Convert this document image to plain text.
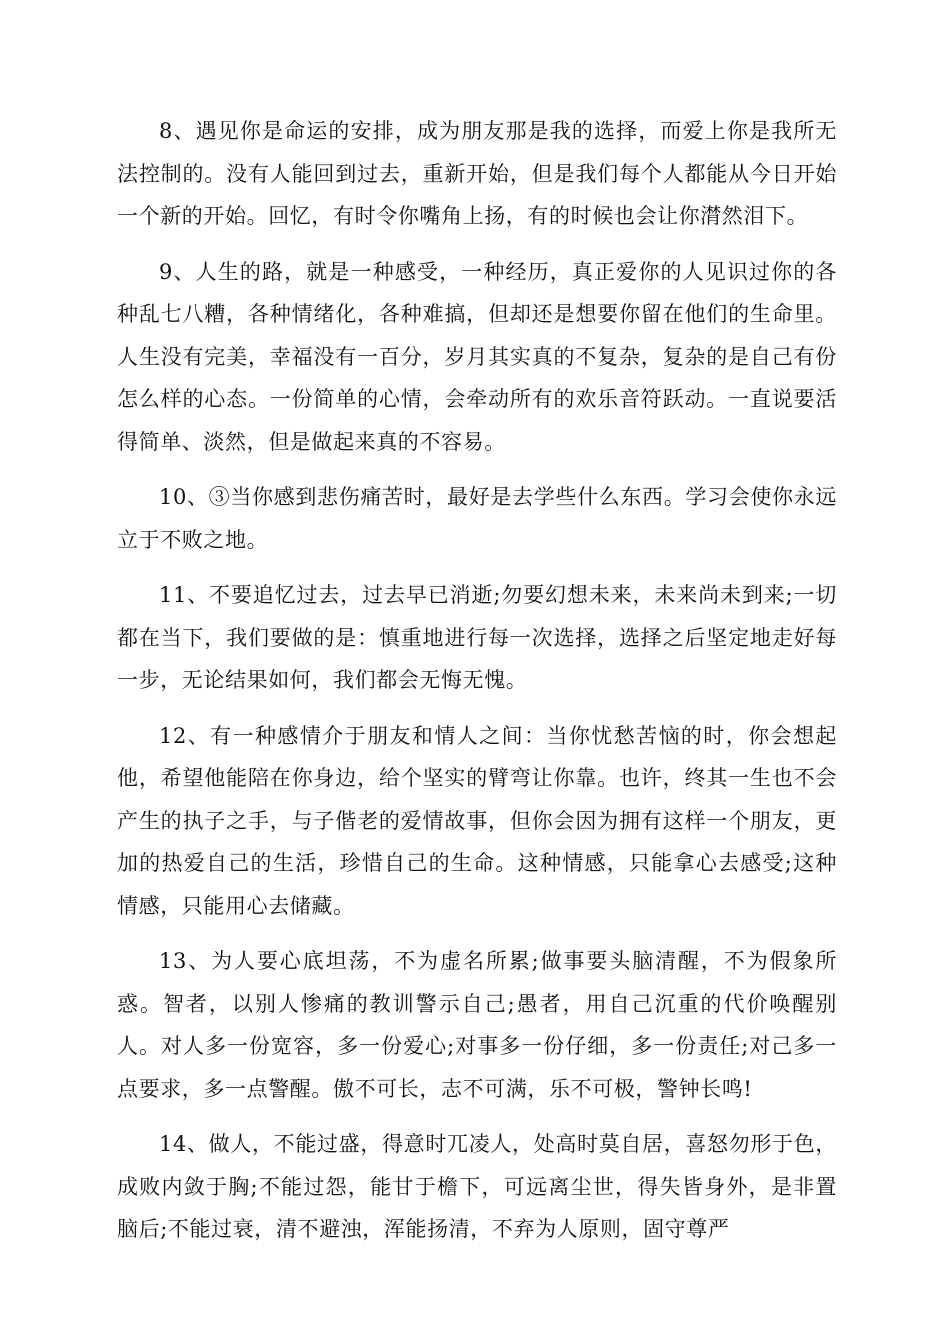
8、遇见你是命运的安排，成为朋友那是我的选择，而爱上你是我所无法控制的。没有人能回到过去，重新开始，但是我们每个人都能从今日开始一个新的开始。回忆，有时令你嘴角上扬，有的时候也会让你潸然泪下。

9、人生的路，就是一种感受，一种经历，真正爱你的人见识过你的各种乱七八糟，各种情绪化，各种难搞，但却还是想要你留在他们的生命里。人生没有完美，幸福没有一百分，岁月其实真的不复杂，复杂的是自己有份怎么样的心态。一份简单的心情，会牵动所有的欢乐音符跃动。一直说要活得简单、淡然，但是做起来真的不容易。

10、③当你感到悲伤痛苦时，最好是去学些什么东西。学习会使你永远立于不败之地。

11、不要追忆过去，过去早已消逝;勿要幻想未来，未来尚未到来;一切都在当下，我们要做的是：慎重地进行每一次选择，选择之后坚定地走好每一步，无论结果如何，我们都会无悔无愧。

12、有一种感情介于朋友和情人之间：当你忧愁苦恼的时，你会想起他，希望他能陪在你身边，给个坚实的臂弯让你靠。也许，终其一生也不会产生的执子之手，与子偕老的爱情故事，但你会因为拥有这样一个朋友，更加的热爱自己的生活，珍惜自己的生命。这种情感，只能拿心去感受;这种情感，只能用心去储藏。

13、为人要心底坦荡，不为虚名所累;做事要头脑清醒，不为假象所惑。智者，以别人惨痛的教训警示自己;愚者，用自己沉重的代价唤醒别人。对人多一份宽容，多一份爱心;对事多一份仔细，多一份责任;对己多一点要求，多一点警醒。傲不可长，志不可满，乐不可极，警钟长鸣!

14、做人，不能过盛，得意时兀凌人，处高时莫自居，喜怒勿形于色，成败内敛于胸;不能过怨，能甘于檐下，可远离尘世，得失皆身外，是非置脑后;不能过衰，清不避浊，浑能扬清，不弃为人原则，固守尊严
